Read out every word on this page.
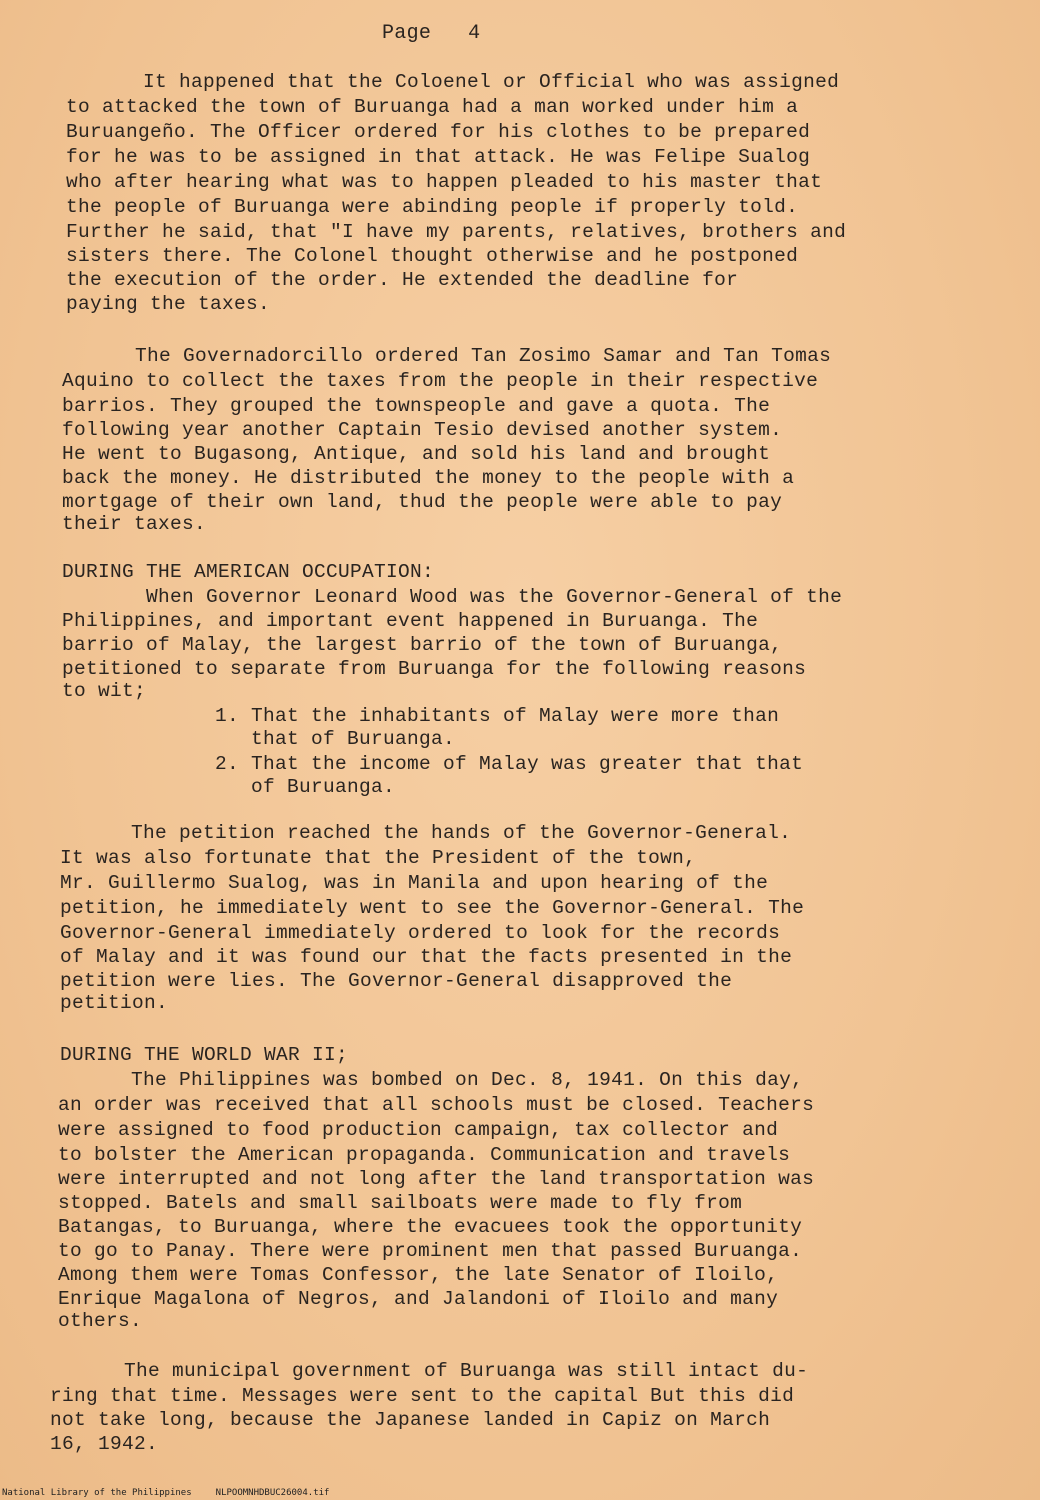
Page   4
It happened that the Coloenel or Official who was assigned
to attacked the town of Buruanga had a man worked under him a
Buruangeño. The Officer ordered for his clothes to be prepared
for he was to be assigned in that attack. He was Felipe Sualog
who after hearing what was to happen pleaded to his master that
the people of Buruanga were abinding people if properly told.
Further he said, that "I have my parents, relatives, brothers and
sisters there. The Colonel thought otherwise and he postponed
the execution of the order. He extended the deadline for
paying the taxes.
The Governadorcillo ordered Tan Zosimo Samar and Tan Tomas
Aquino to collect the taxes from the people in their respective
barrios. They grouped the townspeople and gave a quota. The
following year another Captain Tesio devised another system.
He went to Bugasong, Antique, and sold his land and brought
back the money. He distributed the money to the people with a
mortgage of their own land, thud the people were able to pay
their taxes.
DURING THE AMERICAN OCCUPATION:
When Governor Leonard Wood was the Governor-General of the
Philippines, and important event happened in Buruanga. The
barrio of Malay, the largest barrio of the town of Buruanga,
petitioned to separate from Buruanga for the following reasons
to wit;
1. That the inhabitants of Malay were more than
that of Buruanga.
2. That the income of Malay was greater that that
of Buruanga.
The petition reached the hands of the Governor-General.
It was also fortunate that the President of the town,
Mr. Guillermo Sualog, was in Manila and upon hearing of the
petition, he immediately went to see the Governor-General. The
Governor-General immediately ordered to look for the records
of Malay and it was found our that the facts presented in the
petition were lies. The Governor-General disapproved the
petition.
DURING THE WORLD WAR II;
The Philippines was bombed on Dec. 8, 1941. On this day,
an order was received that all schools must be closed. Teachers
were assigned to food production campaign, tax collector and
to bolster the American propaganda. Communication and travels
were interrupted and not long after the land transportation was
stopped. Batels and small sailboats were made to fly from
Batangas, to Buruanga, where the evacuees took the opportunity
to go to Panay. There were prominent men that passed Buruanga.
Among them were Tomas Confessor, the late Senator of Iloilo,
Enrique Magalona of Negros, and Jalandoni of Iloilo and many
others.
The municipal government of Buruanga was still intact du-
ring that time. Messages were sent to the capital But this did
not take long, because the Japanese landed in Capiz on March
16, 1942.
National Library of the Philippines	NLPOOMNHDBUC26004.tif
